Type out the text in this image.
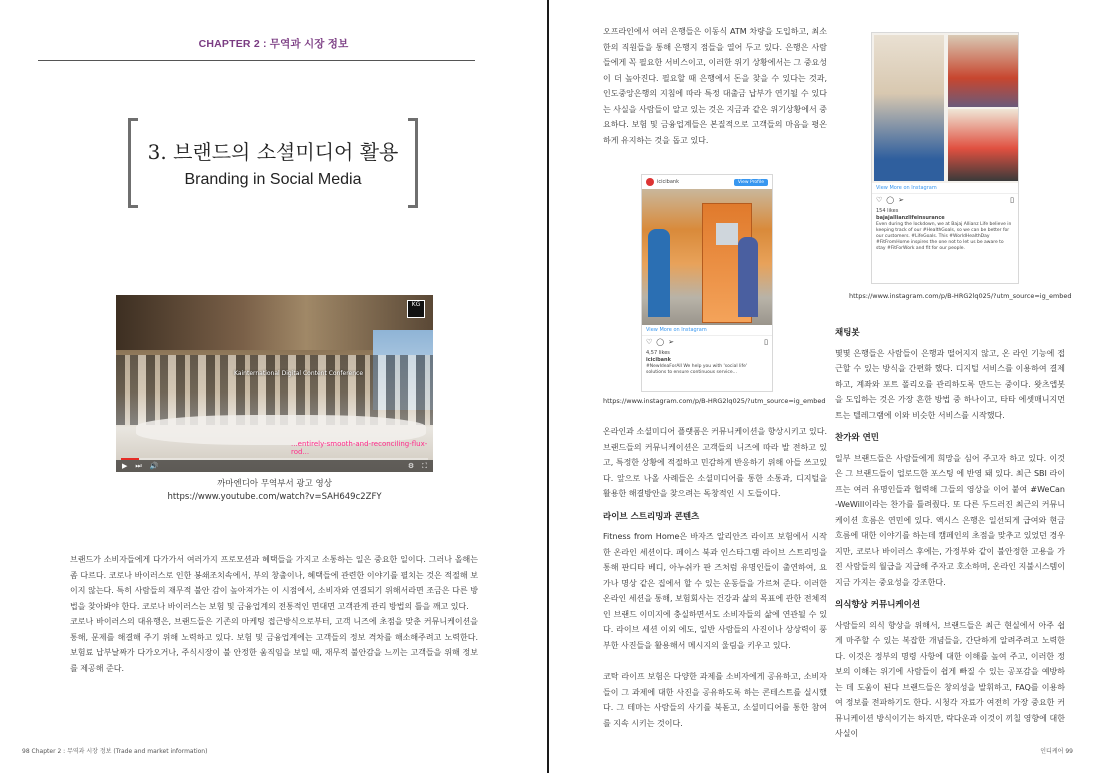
CHAPTER 2 : 무역과 시장 정보
3. 브랜드의 소셜미디어 활용
Branding in Social Media
Kainternational Digital Content Conference
KG
...entirely-smooth-and-reconciling-flux-rod...
▶ ⏭ 🔊	⚙ ⛶
까마엔디아 무역부서 광고 영상
https://www.youtube.com/watch?v=SAH649c2ZFY

브랜드가 소비자들에게 다가가서 여러가지 프로모션과 혜택들을 가지고 소통하는 일은 중요한 일이다. 그러나 올해는 좀 다르다. 코로나 바이러스로 인한 봉쇄조치속에서, 부의 창출이나, 혜택들에 관련한 이야기를 펼치는 것은 적절해 보이지 않는다. 특히 사람들의 재무적 불안 감이 높아져가는 이 시점에서, 소비자와 연결되기 위해서라면 조금은 다른 방법을 찾아봐야 한다. 코로나 바이러스는 보험 및 금융업계의 전통적인 면대면 고객관계 관리 방법의 틀을 깨고 있다.

코로나 바이러스의 대유행은, 브랜드들은 기존의 마케팅 접근방식으로부터, 고객 니즈에 초점을 맞춘 커뮤니케이션을 통해, 문제를 해결해 주기 위해 노력하고 있다. 보험 및 금융업계에는 고객들의 정보 격차를 해소해주려고 노력한다. 보험료 납부날짜가 다가오거나, 주식시장이 불 안정한 움직임을 보일 때, 재무적 불안감을 느끼는 고객들을 위해 정보를 제공해 준다.

98 Chapter 2 : 무역과 시장 정보 (Trade and market information)

오프라인에서 여러 은행들은 이동식 ATM 차량을 도입하고, 최소한의 직원들을 통해 은행지 점들을 열어 두고 있다. 은행은 사람들에게 꼭 필요한 서비스이고, 이러한 위기 상황에서는 그 중요성이 더 높아진다. 필요할 때 은행에서 돈을 찾을 수 있다는 것과, 인도중앙은행의 지침에 따라 특정 대출금 납부가 연기될 수 있다는 사실을 사람들이 알고 있는 것은 지금과 같은 위기상황에서 중요하다. 보험 및 금융업계들은 본질적으로 고객들의 마음을 평온하게 유지하는 것을 돕고 있다.

icicibank	View Profile
View More on Instagram
♡ ◯ ➢	▯
4,57 likes
icicibank
#NewIdeaForAll We help you with 'social life' solutions to ensure continuous service...
https://www.instagram.com/p/B-HRG2lq025/?utm_source=ig_embed

온라인과 소셜미디어 플랫폼은 커뮤니케이션을 향상시키고 있다. 브랜드들의 커뮤니케이션은 고객들의 니즈에 따라 발 전하고 있고, 특정한 상황에 적절하고 민감하게 반응하기 위해 아들 쓰고있다. 앞으로 나올 사례들은 소셜미디어를 통한 소통과, 디지털을 활용한 해결방안을 찾으려는 독창적인 시 도들이다.

라이브 스트리밍과 콘텐츠

Fitness from Home은 바자즈 알리안즈 라이프 보험에서 시작한 온라인 세션이다. 페이스 북과 인스타그램 라이브 스트리밍을 통해 판디타 베디, 아누쉬카 판 즈처럼 유명인들이 출연하여, 요가나 명상 같은 집에서 할 수 있는 운동들을 가르쳐 준다. 이러한 온라인 세션을 통해, 보험회사는 건강과 삶의 목표에 관한 전체적인 브랜드 이미지에 충실하면서도 소비자들의 삶에 연관될 수 있다. 라이브 세션 이외 에도, 일반 사람들의 사진이나 상상력이 풍부한 사진들을 활용해서 메시지의 울림을 키우고 있다.

코탁 라이프 보험은 다양한 과제를 소비자에게 공유하고, 소비자들이 그 과제에 대한 사진을 공유하도록 하는 콘테스트를 실시했다. 그 테마는 사람들의 사기를 북돋고, 소셜미디어를 통한 참여를 지속 시키는 것이다.

View More on Instagram
♡ ◯ ➢	▯
154 likes
bajajallianzlifeinsurance
Even during the lockdown, we at Bajaj Allianz Life believe in keeping track of our #HealthGoals, so we can be better for our customers. #LifeGoals. This #WorldHealthDay #FitFromHome inspires the one not to let us be aware to stay #FitForWork and fit for our people.
https://www.instagram.com/p/B-HRG2lq025/?utm_source=ig_embed
채팅봇

몇몇 은행들은 사람들이 은행과 떨어지지 않고, 온 라인 기능에 접근할 수 있는 방식을 간편화 했다. 디지털 서비스를 이용하여 결제하고, 계좌와 포트 폴리오를 관리하도록 만드는 중이다. 왓츠앱봇을 도입하는 것은 가장 흔한 방법 중 하나이고, 타타 에셋매니지먼트는 텔레그램에 이와 비슷한 서비스를 시작했다.

찬가와 연민

일부 브랜드들은 사람들에게 희망을 심어 주고자 하고 있다. 이것은 그 브랜드들이 업로드한 포스팅 에 반영 돼 있다. 최근 SBI 라이프는 여러 유명인들과 협력해 그들의 영상을 이어 붙여 #WeCan -WeWill이라는 찬가를 틀려줬다. 또 다른 두드러진 최근의 커뮤니케이션 흐름은 연민에 있다. 액시스 은행은 일선되게 급여와 현금흐름에 대한 이야기를 하는데 캠페인의 초점을 맞추고 있었던 경우지만, 코로나 바이러스 후에는, 가정부와 같이 불안정한 고용을 가진 사람들의 월급을 지급해 주자고 호소하며, 온라인 지불시스템이 지금 가지는 중요성을 강조한다.

의식향상 커뮤니케이션

사람들의 의식 향상을 위해서, 브랜드들은 최근 현실에서 아주 쉽게 마주할 수 있는 복잡한 개념들을, 간단하게 알려주려고 노력한다. 이것은 정부의 명령 사항에 대한 이해를 높여 주고, 이러한 정보의 이해는 위기에 사람들이 쉽게 빠질 수 있는 공포감을 예방하는 데 도움이 된다 브랜드들은 창의성을 발휘하고, FAQ를 이용하여 정보를 전파하기도 한다. 시청각 자료가 여전히 가장 중요한 커뮤니케이션 방식이기는 하지만, 락다운과 이것이 끼칠 영향에 대한 사실이

인디케어 99
